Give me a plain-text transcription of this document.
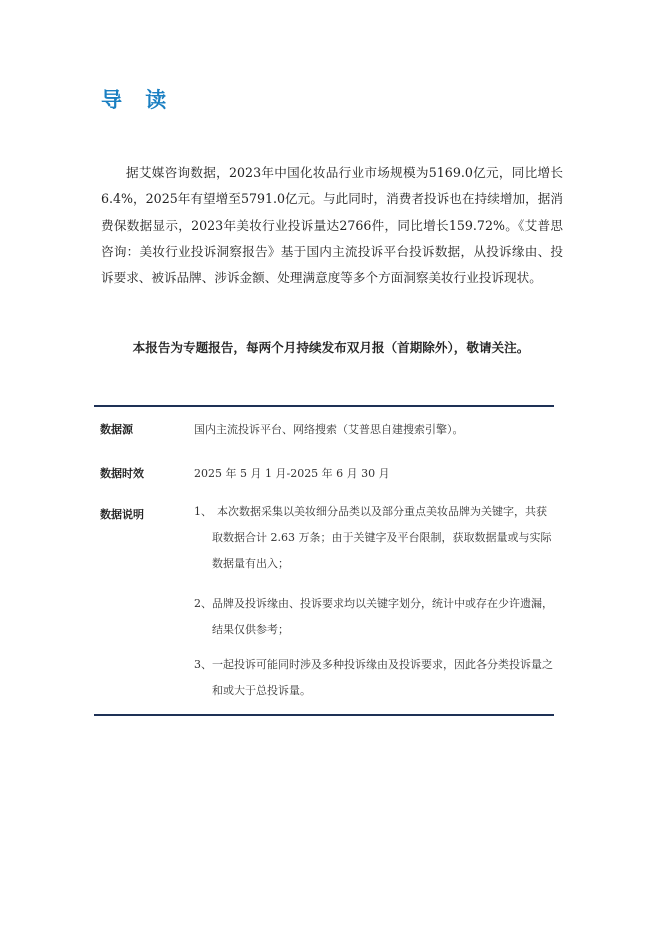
导 读

据艾媒咨询数据，2023年中国化妆品行业市场规模为5169.0亿元，同比增长6.4%，2025年有望增至5791.0亿元。与此同时，消费者投诉也在持续增加，据消费保数据显示，2023年美妆行业投诉量达2766件，同比增长159.72%。《艾普思咨询：美妆行业投诉洞察报告》基于国内主流投诉平台投诉数据，从投诉缘由、投诉要求、被诉品牌、涉诉金额、处理满意度等多个方面洞察美妆行业投诉现状。

本报告为专题报告，每两个月持续发布双月报（首期除外），敬请关注。

数据源	国内主流投诉平台、网络搜索（艾普思自建搜索引擎）。
数据时效	2025 年 5 月 1 月-2025 年 6 月 30 月
数据说明	1、 本次数据采集以美妆细分品类以及部分重点美妆品牌为关键字，共获取数据合计 2.63 万条；由于关键字及平台限制，获取数据量或与实际数据量有出入；
2、 品牌及投诉缘由、投诉要求均以关键字划分，统计中或存在少许遗漏，结果仅供参考；
3、 一起投诉可能同时涉及多种投诉缘由及投诉要求，因此各分类投诉量之和或大于总投诉量。
